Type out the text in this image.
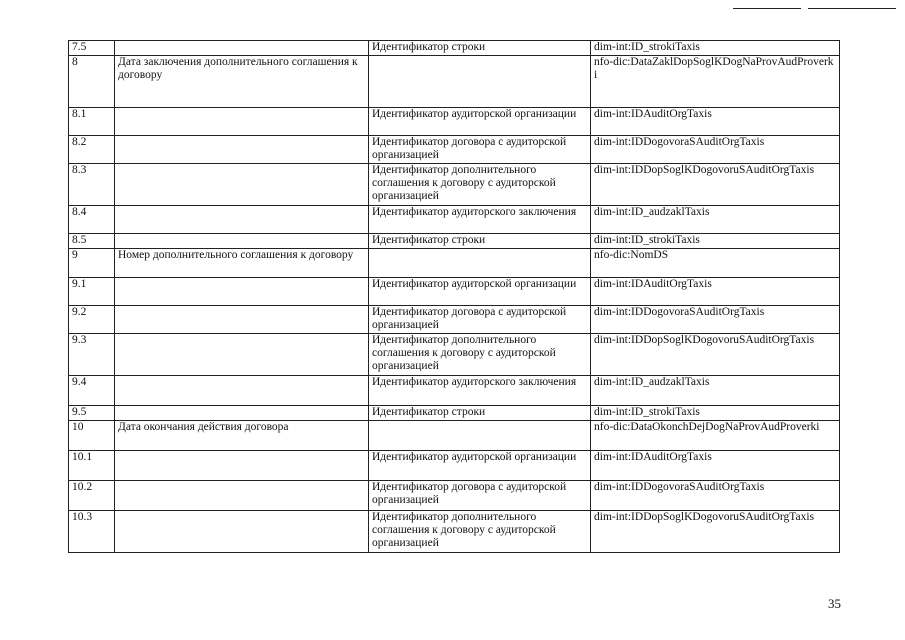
7.5		Идентификатор строки	dim-int:ID_strokiTaxis
8	Дата заключения дополнительного соглашения к договору		nfo-dic:DataZaklDopSoglKDogNaProvAudProverki
8.1		Идентификатор аудиторской организации	dim-int:IDAuditOrgTaxis
8.2		Идентификатор договора с аудиторской организацией	dim-int:IDDogovoraSAuditOrgTaxis
8.3		Идентификатор дополнительного соглашения к договору с аудиторской организацией	dim-int:IDDopSoglKDogovoruSAuditOrgTaxis
8.4		Идентификатор аудиторского заключения	dim-int:ID_audzaklTaxis
8.5		Идентификатор строки	dim-int:ID_strokiTaxis
9	Номер дополнительного соглашения к договору		nfo-dic:NomDS
9.1		Идентификатор аудиторской организации	dim-int:IDAuditOrgTaxis
9.2		Идентификатор договора с аудиторской организацией	dim-int:IDDogovoraSAuditOrgTaxis
9.3		Идентификатор дополнительного соглашения к договору с аудиторской организацией	dim-int:IDDopSoglKDogovoruSAuditOrgTaxis
9.4		Идентификатор аудиторского заключения	dim-int:ID_audzaklTaxis
9.5		Идентификатор строки	dim-int:ID_strokiTaxis
10	Дата окончания действия договора		nfo-dic:DataOkonchDejDogNaProvAudProverki
10.1		Идентификатор аудиторской организации	dim-int:IDAuditOrgTaxis
10.2		Идентификатор договора с аудиторской организацией	dim-int:IDDogovoraSAuditOrgTaxis
10.3		Идентификатор дополнительного соглашения к договору с аудиторской организацией	dim-int:IDDopSoglKDogovoruSAuditOrgTaxis
35
